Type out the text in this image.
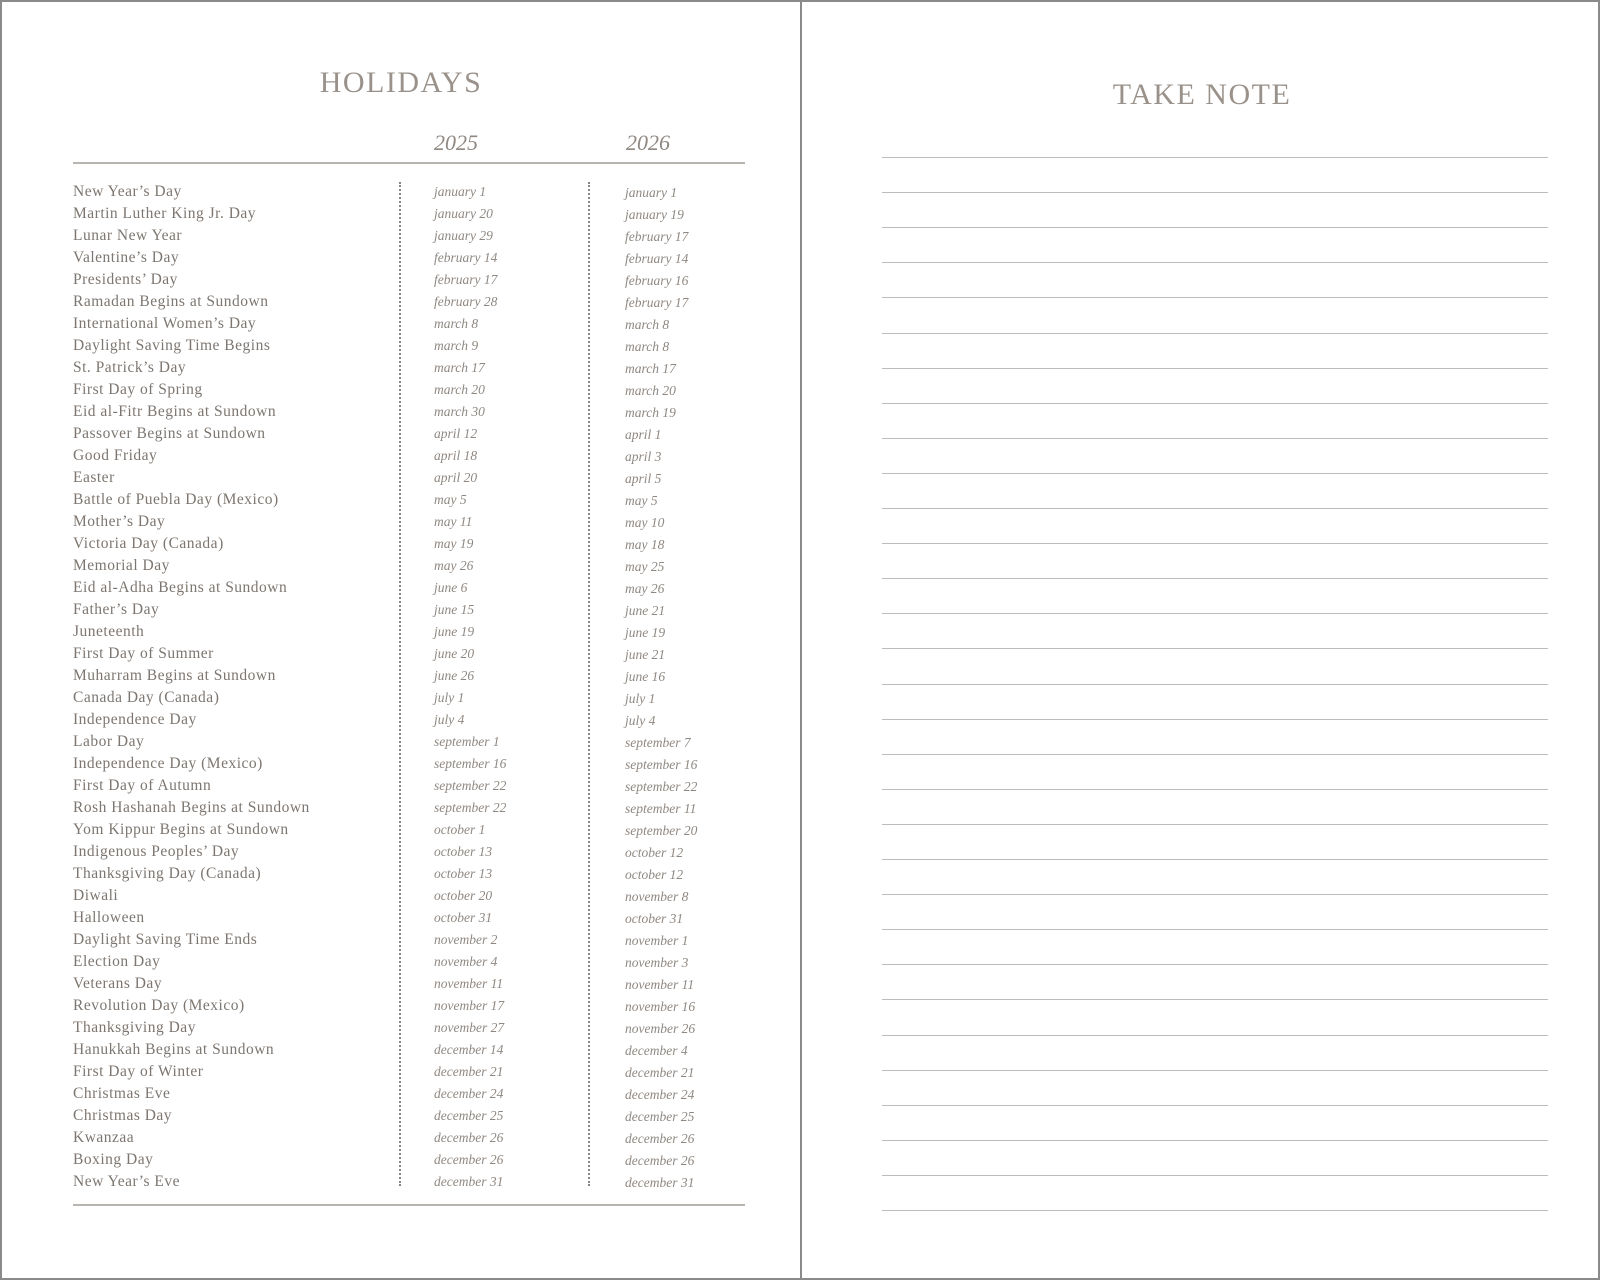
HOLIDAYS
2025	2026
New Year’s Day	january 1	january 1
Martin Luther King Jr. Day	january 20	january 19
Lunar New Year	january 29	february 17
Valentine’s Day	february 14	february 14
Presidents’ Day	february 17	february 16
Ramadan Begins at Sundown	february 28	february 17
International Women’s Day	march 8	march 8
Daylight Saving Time Begins	march 9	march 8
St. Patrick’s Day	march 17	march 17
First Day of Spring	march 20	march 20
Eid al-Fitr Begins at Sundown	march 30	march 19
Passover Begins at Sundown	april 12	april 1
Good Friday	april 18	april 3
Easter	april 20	april 5
Battle of Puebla Day (Mexico)	may 5	may 5
Mother’s Day	may 11	may 10
Victoria Day (Canada)	may 19	may 18
Memorial Day	may 26	may 25
Eid al-Adha Begins at Sundown	june 6	may 26
Father’s Day	june 15	june 21
Juneteenth	june 19	june 19
First Day of Summer	june 20	june 21
Muharram Begins at Sundown	june 26	june 16
Canada Day (Canada)	july 1	july 1
Independence Day	july 4	july 4
Labor Day	september 1	september 7
Independence Day (Mexico)	september 16	september 16
First Day of Autumn	september 22	september 22
Rosh Hashanah Begins at Sundown	september 22	september 11
Yom Kippur Begins at Sundown	october 1	september 20
Indigenous Peoples’ Day	october 13	october 12
Thanksgiving Day (Canada)	october 13	october 12
Diwali	october 20	november 8
Halloween	october 31	october 31
Daylight Saving Time Ends	november 2	november 1
Election Day	november 4	november 3
Veterans Day	november 11	november 11
Revolution Day (Mexico)	november 17	november 16
Thanksgiving Day	november 27	november 26
Hanukkah Begins at Sundown	december 14	december 4
First Day of Winter	december 21	december 21
Christmas Eve	december 24	december 24
Christmas Day	december 25	december 25
Kwanzaa	december 26	december 26
Boxing Day	december 26	december 26
New Year’s Eve	december 31	december 31
TAKE NOTE
